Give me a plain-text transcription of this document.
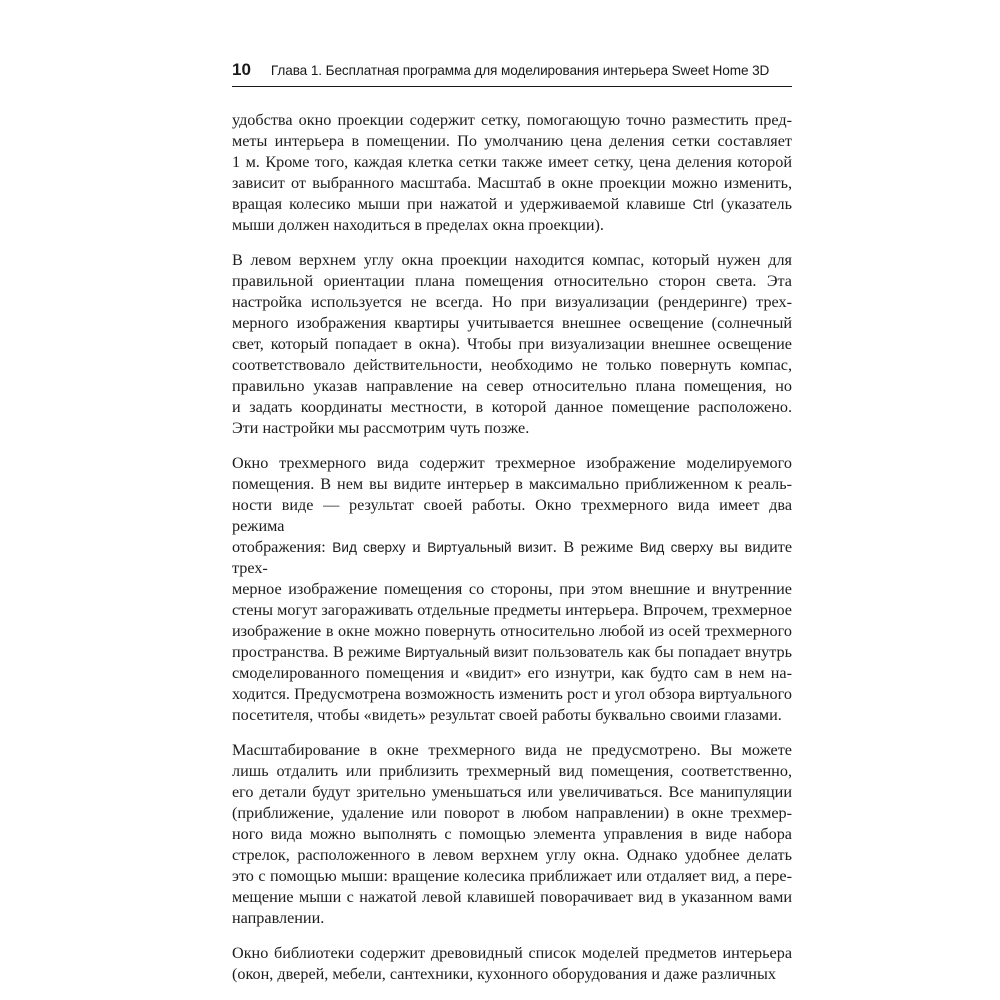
10 Глава 1. Бесплатная программа для моделирования интерьера Sweet Home 3D
удобства окно проекции содержит сетку, помогающую точно разместить пред-
меты интерьера в помещении. По умолчанию цена деления сетки составляет
1 м. Кроме того, каждая клетка сетки также имеет сетку, цена деления которой
зависит от выбранного масштаба. Масштаб в окне проекции можно изменить,
вращая колесико мыши при нажатой и удерживаемой клавише Ctrl (указатель
мыши должен находиться в пределах окна проекции).
В левом верхнем углу окна проекции находится компас, который нужен для
правильной ориентации плана помещения относительно сторон света. Эта
настройка используется не всегда. Но при визуализации (рендеринге) трех-
мерного изображения квартиры учитывается внешнее освещение (солнечный
свет, который попадает в окна). Чтобы при визуализации внешнее освещение
соответствовало действительности, необходимо не только повернуть компас,
правильно указав направление на север относительно плана помещения, но
и задать координаты местности, в которой данное помещение расположено.
Эти настройки мы рассмотрим чуть позже.
Окно трехмерного вида содержит трехмерное изображение моделируемого
помещения. В нем вы видите интерьер в максимально приближенном к реаль-
ности виде — результат своей работы. Окно трехмерного вида имеет два режима
отображения: Вид сверху и Виртуальный визит. В режиме Вид сверху вы видите трех-
мерное изображение помещения со стороны, при этом внешние и внутренние
стены могут загораживать отдельные предметы интерьера. Впрочем, трехмерное
изображение в окне можно повернуть относительно любой из осей трехмерного
пространства. В режиме Виртуальный визит пользователь как бы попадает внутрь
смоделированного помещения и «видит» его изнутри, как будто сам в нем на-
ходится. Предусмотрена возможность изменить рост и угол обзора виртуального
посетителя, чтобы «видеть» результат своей работы буквально своими глазами.
Масштабирование в окне трехмерного вида не предусмотрено. Вы можете
лишь отдалить или приблизить трехмерный вид помещения, соответственно,
его детали будут зрительно уменьшаться или увеличиваться. Все манипуляции
(приближение, удаление или поворот в любом направлении) в окне трехмер-
ного вида можно выполнять с помощью элемента управления в виде набора
стрелок, расположенного в левом верхнем углу окна. Однако удобнее делать
это с помощью мыши: вращение колесика приближает или отдаляет вид, а пере-
мещение мыши с нажатой левой клавишей поворачивает вид в указанном вами
направлении.
Окно библиотеки содержит древовидный список моделей предметов интерьера
(окон, дверей, мебели, сантехники, кухонного оборудования и даже различных
